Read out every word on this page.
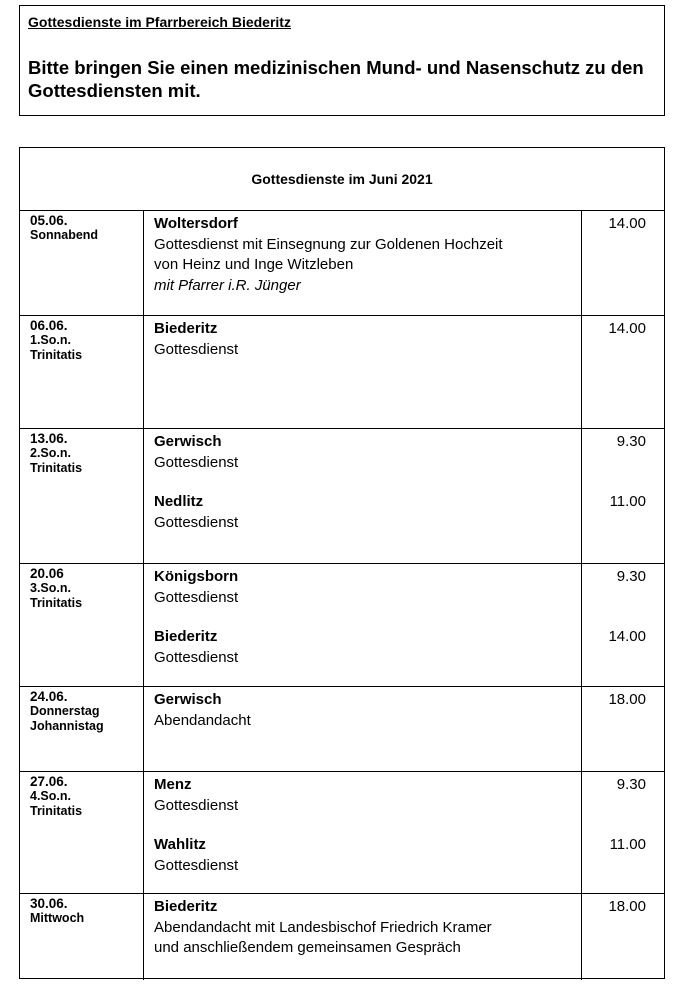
Gottesdienste im Pfarrbereich Biederitz
Bitte bringen Sie einen medizinischen Mund- und Nasenschutz zu den Gottesdiensten mit.
Gottesdienste im Juni 2021
05.06.
Sonnabend
Woltersdorf
Gottesdienst mit Einsegnung zur Goldenen Hochzeit
von Heinz und Inge Witzleben
mit Pfarrer i.R. Jünger
14.00
06.06.
1.So.n.
Trinitatis
Biederitz
Gottesdienst
14.00
13.06.
2.So.n.
Trinitatis
Gerwisch
Gottesdienst
Nedlitz
Gottesdienst
9.30
11.00
20.06
3.So.n.
Trinitatis
Königsborn
Gottesdienst
Biederitz
Gottesdienst
9.30
14.00
24.06.
Donnerstag
Johannistag
Gerwisch
Abendandacht
18.00
27.06.
4.So.n.
Trinitatis
Menz
Gottesdienst
Wahlitz
Gottesdienst
9.30
11.00
30.06.
Mittwoch
Biederitz
Abendandacht mit Landesbischof Friedrich Kramer
und anschließendem gemeinsamen Gespräch
18.00
